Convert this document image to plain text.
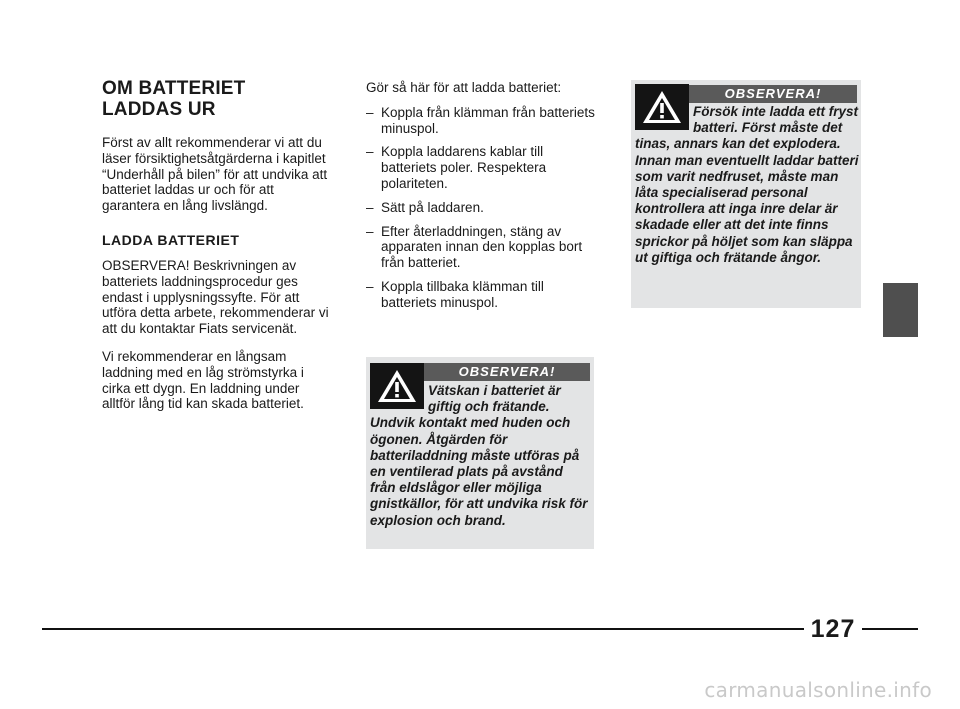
OM BATTERIET
LADDAS UR

Först av allt rekommenderar vi att du läser försiktighetsåtgärderna i kapitlet “Underhåll på bilen” för att undvika att batteriet laddas ur och för att garantera en lång livslängd.

LADDA BATTERIET

OBSERVERA! Beskrivningen av batteriets laddningsprocedur ges endast i upplysningssyfte. För att utföra detta arbete, rekommenderar vi att du kontaktar Fiats servicenät.

Vi rekommenderar en långsam laddning med en låg strömstyrka i cirka ett dygn. En laddning under alltför lång tid kan skada batteriet.

Gör så här för att ladda batteriet:

– Koppla från klämman från batteriets minuspol.
– Koppla laddarens kablar till batteriets poler. Respektera polariteten.
– Sätt på laddaren.
– Efter återladdningen, stäng av apparaten innan den kopplas bort från batteriet.
– Koppla tillbaka klämman till batteriets minuspol.
OBSERVERA!
Vätskan i batteriet är giftig och frätande. Undvik kontakt med huden och ögonen. Åtgärden för batteriladdning måste utföras på en ventilerad plats på avstånd från eldslågor eller möjliga gnistkällor, för att undvika risk för explosion och brand.
OBSERVERA!
Försök inte ladda ett fryst batteri. Först måste det tinas, annars kan det explodera. Innan man eventuellt laddar batteri som varit nedfruset, måste man låta specialiserad personal kontrollera att inga inre delar är skadade eller att det inte finns sprickor på höljet som kan släppa ut giftiga och frätande ångor.
127
carmanualsonline.info
